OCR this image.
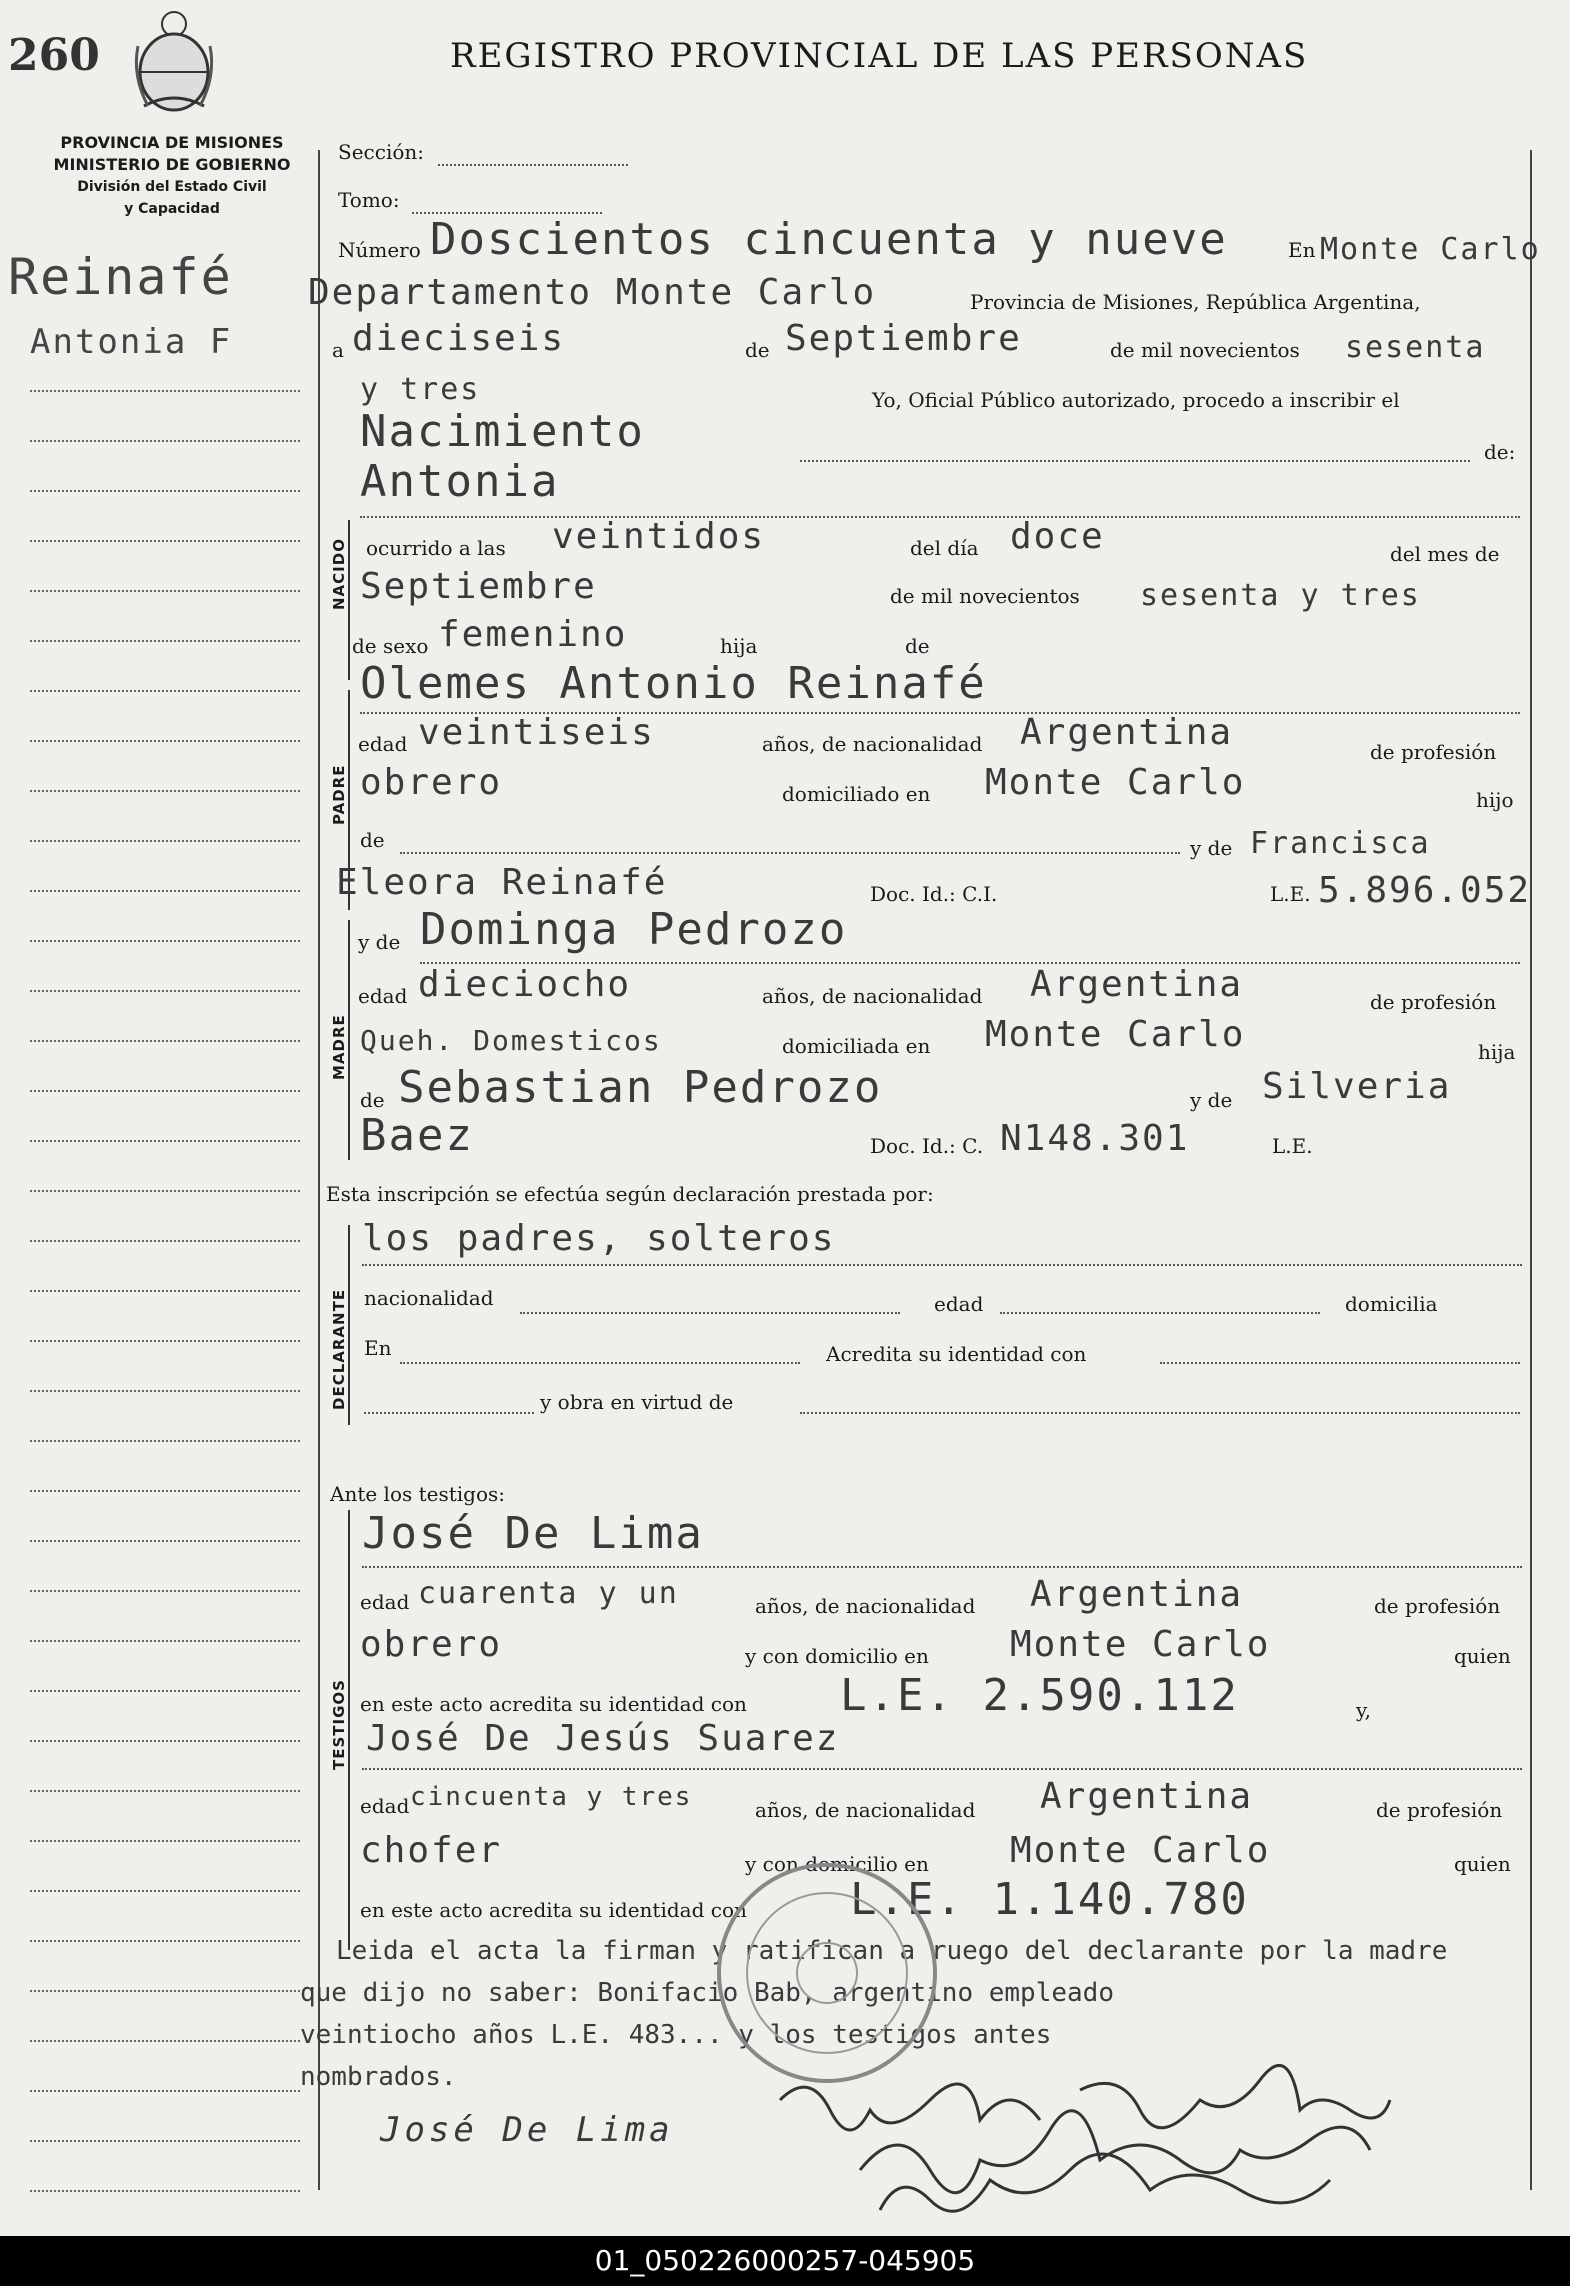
260	REGISTRO PROVINCIAL DE LAS PERSONAS
PROVINCIA DE MISIONES
MINISTERIO DE GOBIERNO
División del Estado Civil
y Capacidad
Reinafé
Antonia F
NACIDO
PADRE
MADRE
DECLARANTE
TESTIGOS
Sección:
Tomo:
Número Doscientos cincuenta y nueve	En Monte Carlo
Departamento Monte Carlo	Provincia de Misiones, República Argentina,
a dieciseis	de Septiembre	de mil novecientos sesenta
y tres	Yo, Oficial Público autorizado, procedo a inscribir el
Nacimiento	de:
Antonia
ocurrido a las veintidos	del día doce	del mes de
Septiembre	de mil novecientos sesenta y tres
de sexo femenino	hija	de
Olemes Antonio Reinafé
edad veintiseis	años, de nacionalidad Argentina	de profesión
obrero	domiciliado en Monte Carlo	hijo
de	y de Francisca
Eleora Reinafé	Doc. Id.: C.I.	L.E. 5.896.052
y de Dominga Pedrozo
edad dieciocho	años, de nacionalidad Argentina	de profesión
Queh. Domesticos	domiciliada en Monte Carlo	hija
de Sebastian Pedrozo	y de Silveria
Baez	Doc. Id.: C. N148.301	L.E.
Esta inscripción se efectúa según declaración prestada por:
los padres, solteros
nacionalidad	edad	domicilia
En	Acredita su identidad con
y obra en virtud de
Ante los testigos:
José De Lima
edad cuarenta y un	años, de nacionalidad Argentina	de profesión
obrero	y con domicilio en Monte Carlo	quien
en este acto acredita su identidad con L.E. 2.590.112	y,
José De Jesús Suarez
edad cincuenta y tres	años, de nacionalidad Argentina	de profesión
chofer	y con domicilio en Monte Carlo	quien
en este acto acredita su identidad con L.E. 1.140.780
Leida el acta la firman y ratifican a ruego del declarante por la madre
que dijo no saber: Bonifacio Bab, argentino empleado
veintiocho años L.E. 483... y los testigos antes
nombrados.
José De Lima
01_050226000257-045905
